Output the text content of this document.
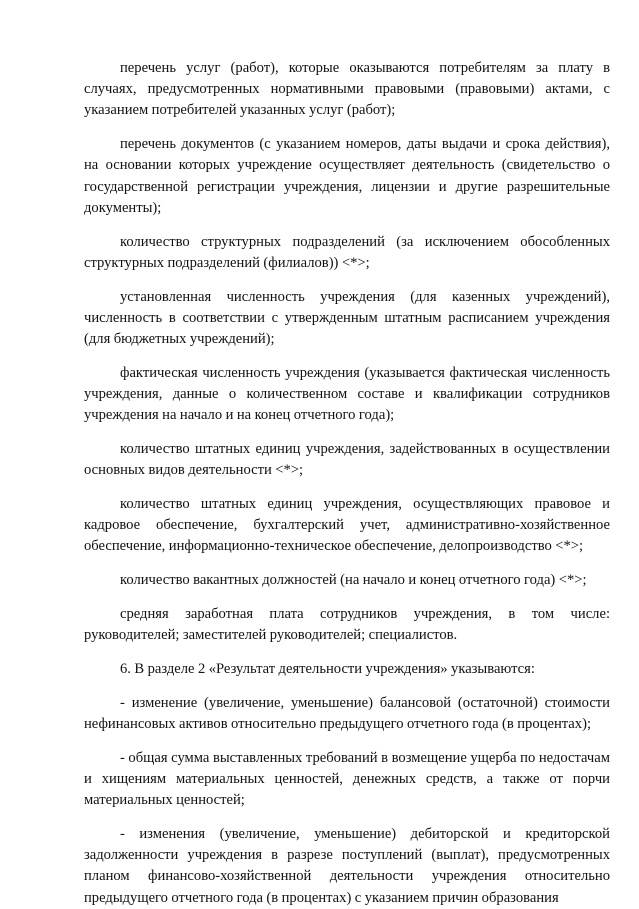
перечень услуг (работ), которые оказываются потребителям за плату в случаях, предусмотренных нормативными правовыми (правовыми) актами, с указанием потребителей указанных услуг (работ);

перечень документов (с указанием номеров, даты выдачи и срока действия), на основании которых учреждение осуществляет деятельность (свидетельство о государственной регистрации учреждения, лицензии и другие разрешительные документы);

количество структурных подразделений (за исключением обособленных структурных подразделений (филиалов)) <*>;

установленная численность учреждения (для казенных учреждений), численность в соответствии с утвержденным штатным расписанием учреждения (для бюджетных учреждений);

фактическая численность учреждения (указывается фактическая численность учреждения, данные о количественном составе и квалификации сотрудников учреждения на начало и на конец отчетного года);

количество штатных единиц учреждения, задействованных в осуществлении основных видов деятельности <*>;

количество штатных единиц учреждения, осуществляющих правовое и кадровое обеспечение, бухгалтерский учет, административно-хозяйственное обеспечение, информационно-техническое обеспечение, делопроизводство <*>;

количество вакантных должностей (на начало и конец отчетного года) <*>;

средняя заработная плата сотрудников учреждения, в том числе: руководителей; заместителей руководителей; специалистов.

6. В разделе 2 «Результат деятельности учреждения» указываются:

- изменение (увеличение, уменьшение) балансовой (остаточной) стоимости нефинансовых активов относительно предыдущего отчетного года (в процентах);

- общая сумма выставленных требований в возмещение ущерба по недостачам и хищениям материальных ценностей, денежных средств, а также от порчи материальных ценностей;

- изменения (увеличение, уменьшение) дебиторской и кредиторской задолженности учреждения в разрезе поступлений (выплат), предусмотренных планом финансово-хозяйственной деятельности учреждения относительно предыдущего отчетного года (в процентах) с указанием причин образования
